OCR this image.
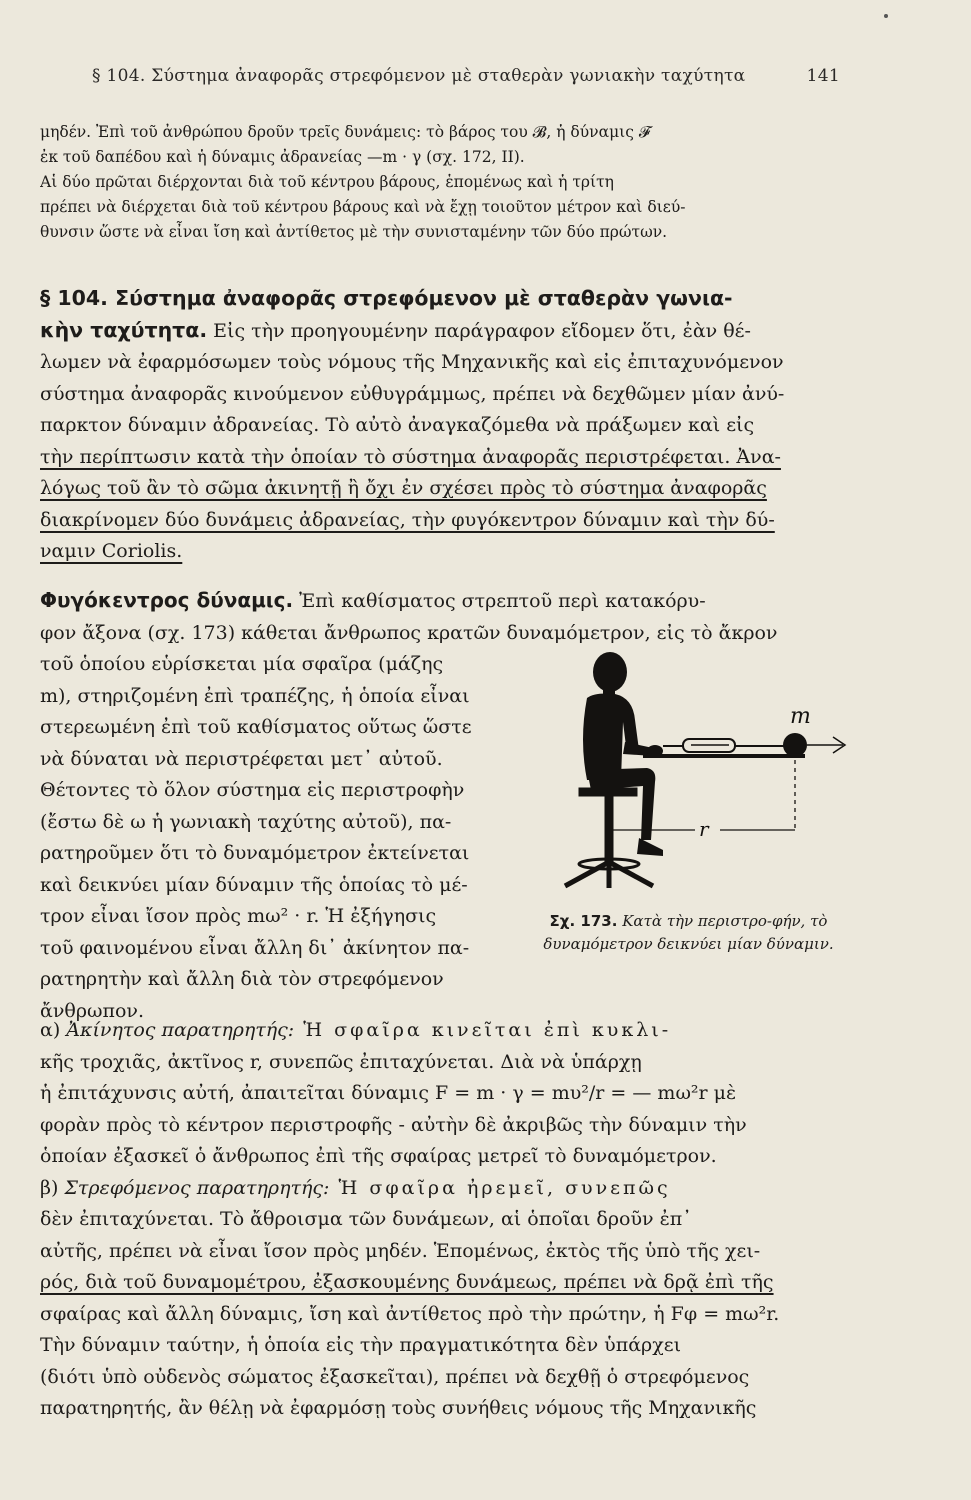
§ 104. Σύστημα ἀναφορᾶς στρεφόμενον μὲ σταθερὰν γωνιακὴν ταχύτητα	141
μηδέν. Ἐπὶ τοῦ ἀνθρώπου δροῦν τρεῖς δυνάμεις: τὸ βάρος του 𝓑, ἡ δύναμις 𝓕
ἐκ τοῦ δαπέδου καὶ ἡ δύναμις ἀδρανείας —m · γ (σχ. 172, II).
Αἱ δύο πρῶται διέρχονται διὰ τοῦ κέντρου βάρους, ἑπομένως καὶ ἡ τρίτη
πρέπει νὰ διέρχεται διὰ τοῦ κέντρου βάρους καὶ νὰ ἔχῃ τοιοῦτον μέτρον καὶ διεύ-
θυνσιν ὥστε νὰ εἶναι ἴση καὶ ἀντίθετος μὲ τὴν συνισταμένην τῶν δύο πρώτων.
§ 104. Σύστημα ἀναφορᾶς στρεφόμενον μὲ σταθερὰν γωνια-
κὴν ταχύτητα. Εἰς τὴν προηγουμένην παράγραφον εἴδομεν ὅτι, ἐὰν θέ-
λωμεν νὰ ἐφαρμόσωμεν τοὺς νόμους τῆς Μηχανικῆς καὶ εἰς ἐπιταχυνόμενον
σύστημα ἀναφορᾶς κινούμενον εὐθυγράμμως, πρέπει νὰ δεχθῶμεν μίαν ἀνύ-
παρκτον δύναμιν ἀδρανείας. Τὸ αὐτὸ ἀναγκαζόμεθα νὰ πράξωμεν καὶ εἰς
τὴν περίπτωσιν κατὰ τὴν ὁποίαν τὸ σύστημα ἀναφορᾶς περιστρέφεται. Ἀνα-
λόγως τοῦ ἂν τὸ σῶμα ἀκινητῇ ἢ ὄχι ἐν σχέσει πρὸς τὸ σύστημα ἀναφορᾶς
διακρίνομεν δύο δυνάμεις ἀδρανείας, τὴν φυγόκεντρον δύναμιν καὶ τὴν δύ-
ναμιν Coriolis.
Φυγόκεντρος δύναμις. Ἐπὶ καθίσματος στρεπτοῦ περὶ κατακόρυ-
φον ἄξονα (σχ. 173) κάθεται ἄνθρωπος κρατῶν δυναμόμετρον, εἰς τὸ ἄκρον
τοῦ ὁποίου εὑρίσκεται μία σφαῖρα (μάζης
m), στηριζομένη ἐπὶ τραπέζης, ἡ ὁποία εἶναι
στερεωμένη ἐπὶ τοῦ καθίσματος οὕτως ὥστε
νὰ δύναται νὰ περιστρέφεται μετ᾿ αὐτοῦ.
Θέτοντες τὸ ὅλον σύστημα εἰς περιστροφὴν
(ἔστω δὲ ω ἡ γωνιακὴ ταχύτης αὐτοῦ), πα-
ρατηροῦμεν ὅτι τὸ δυναμόμετρον ἐκτείνεται
καὶ δεικνύει μίαν δύναμιν τῆς ὁποίας τὸ μέ-
τρον εἶναι ἴσον πρὸς mω² · r. Ἡ ἐξήγησις
τοῦ φαινομένου εἶναι ἄλλη δι᾿ ἀκίνητον πα-
ρατηρητὴν καὶ ἄλλη διὰ τὸν στρεφόμενον
ἄνθρωπον.
m
r
Σχ. 173. Κατὰ τὴν περιστρο-φήν, τὸ δυναμόμετρον δεικνύει μίαν δύναμιν.
α) Ἀκίνητος παρατηρητής: Ἡ σφαῖρα κινεῖται ἐπὶ κυκλι-
κῆς τροχιᾶς, ἀκτῖνος r, συνεπῶς ἐπιταχύνεται. Διὰ νὰ ὑπάρχῃ
ἡ ἐπιτάχυνσις αὐτή, ἀπαιτεῖται δύναμις F = m · γ = mυ²/r = — mω²r μὲ
φορὰν πρὸς τὸ κέντρον περιστροφῆς - αὐτὴν δὲ ἀκριβῶς τὴν δύναμιν τὴν
ὁποίαν ἐξασκεῖ ὁ ἄνθρωπος ἐπὶ τῆς σφαίρας μετρεῖ τὸ δυναμόμετρον.
β) Στρεφόμενος παρατηρητής: Ἡ σφαῖρα ἠρεμεῖ, συνεπῶς
δὲν ἐπιταχύνεται. Τὸ ἄθροισμα τῶν δυνάμεων, αἱ ὁποῖαι δροῦν ἐπ᾿
αὐτῆς, πρέπει νὰ εἶναι ἴσον πρὸς μηδέν. Ἑπομένως, ἐκτὸς τῆς ὑπὸ τῆς χει-
ρός, διὰ τοῦ δυναμομέτρου, ἐξασκουμένης δυνάμεως, πρέπει νὰ δρᾷ ἐπὶ τῆς
σφαίρας καὶ ἄλλη δύναμις, ἴση καὶ ἀντίθετος πρὸ τὴν πρώτην, ἡ Fφ = mω²r.
Τὴν δύναμιν ταύτην, ἡ ὁποία εἰς τὴν πραγματικότητα δὲν ὑπάρχει
(διότι ὑπὸ οὐδενὸς σώματος ἐξασκεῖται), πρέπει νὰ δεχθῇ ὁ στρεφόμενος
παρατηρητής, ἂν θέλῃ νὰ ἐφαρμόσῃ τοὺς συνήθεις νόμους τῆς Μηχανικῆς
